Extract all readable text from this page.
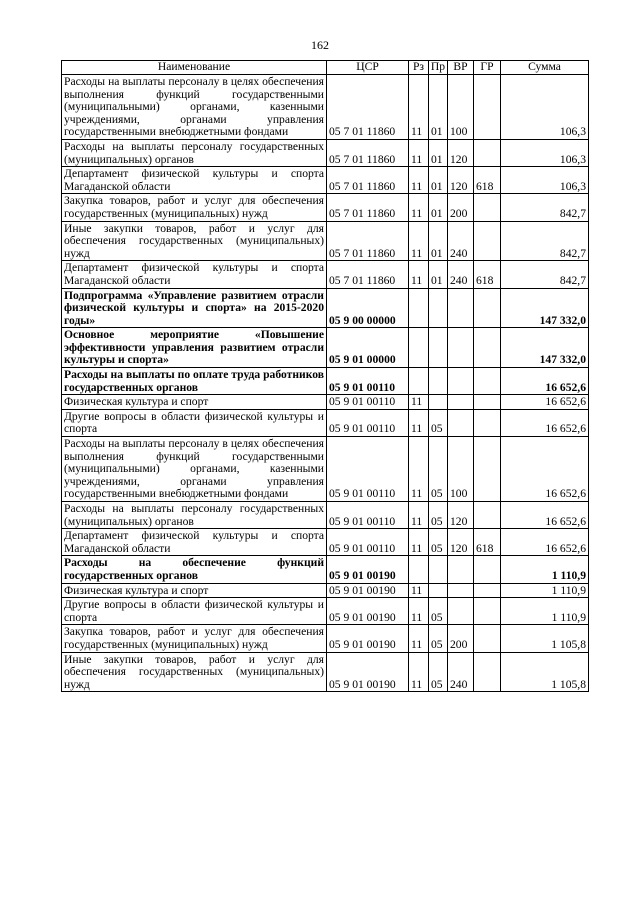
162
Наименование	ЦСР	Рз	Пр	ВР	ГР	Сумма
Расходы на выплаты персоналу в целях обеспечения выполнения функций государственными (муниципальными) органами, казенными учреждениями, органами управления государственными внебюджетными фондами	05 7 01 11860	11	01	100		106,3
Расходы на выплаты персоналу государственных (муниципальных) органов	05 7 01 11860	11	01	120		106,3
Департамент физической культуры и спорта Магаданской области	05 7 01 11860	11	01	120	618	106,3
Закупка товаров, работ и услуг для обеспечения государственных (муниципальных) нужд	05 7 01 11860	11	01	200		842,7
Иные закупки товаров, работ и услуг для обеспечения государственных (муниципальных) нужд	05 7 01 11860	11	01	240		842,7
Департамент физической культуры и спорта Магаданской области	05 7 01 11860	11	01	240	618	842,7
Подпрограмма «Управление развитием отрасли физической культуры и спорта» на 2015-2020 годы»	05 9 00 00000					147 332,0
Основное мероприятие «Повышение эффективности управления развитием отрасли культуры и спорта»	05 9 01 00000					147 332,0
Расходы на выплаты по оплате труда работников государственных органов	05 9 01 00110					16 652,6
Физическая культура и спорт	05 9 01 00110	11				16 652,6
Другие вопросы в области физической культуры и спорта	05 9 01 00110	11	05			16 652,6
Расходы на выплаты персоналу в целях обеспечения выполнения функций государственными (муниципальными) органами, казенными учреждениями, органами управления государственными внебюджетными фондами	05 9 01 00110	11	05	100		16 652,6
Расходы на выплаты персоналу государственных (муниципальных) органов	05 9 01 00110	11	05	120		16 652,6
Департамент физической культуры и спорта Магаданской области	05 9 01 00110	11	05	120	618	16 652,6
Расходы на обеспечение функций государственных органов	05 9 01 00190					1 110,9
Физическая культура и спорт	05 9 01 00190	11				1 110,9
Другие вопросы в области физической культуры и спорта	05 9 01 00190	11	05			1 110,9
Закупка товаров, работ и услуг для обеспечения государственных (муниципальных) нужд	05 9 01 00190	11	05	200		1 105,8
Иные закупки товаров, работ и услуг для обеспечения государственных (муниципальных) нужд	05 9 01 00190	11	05	240		1 105,8
